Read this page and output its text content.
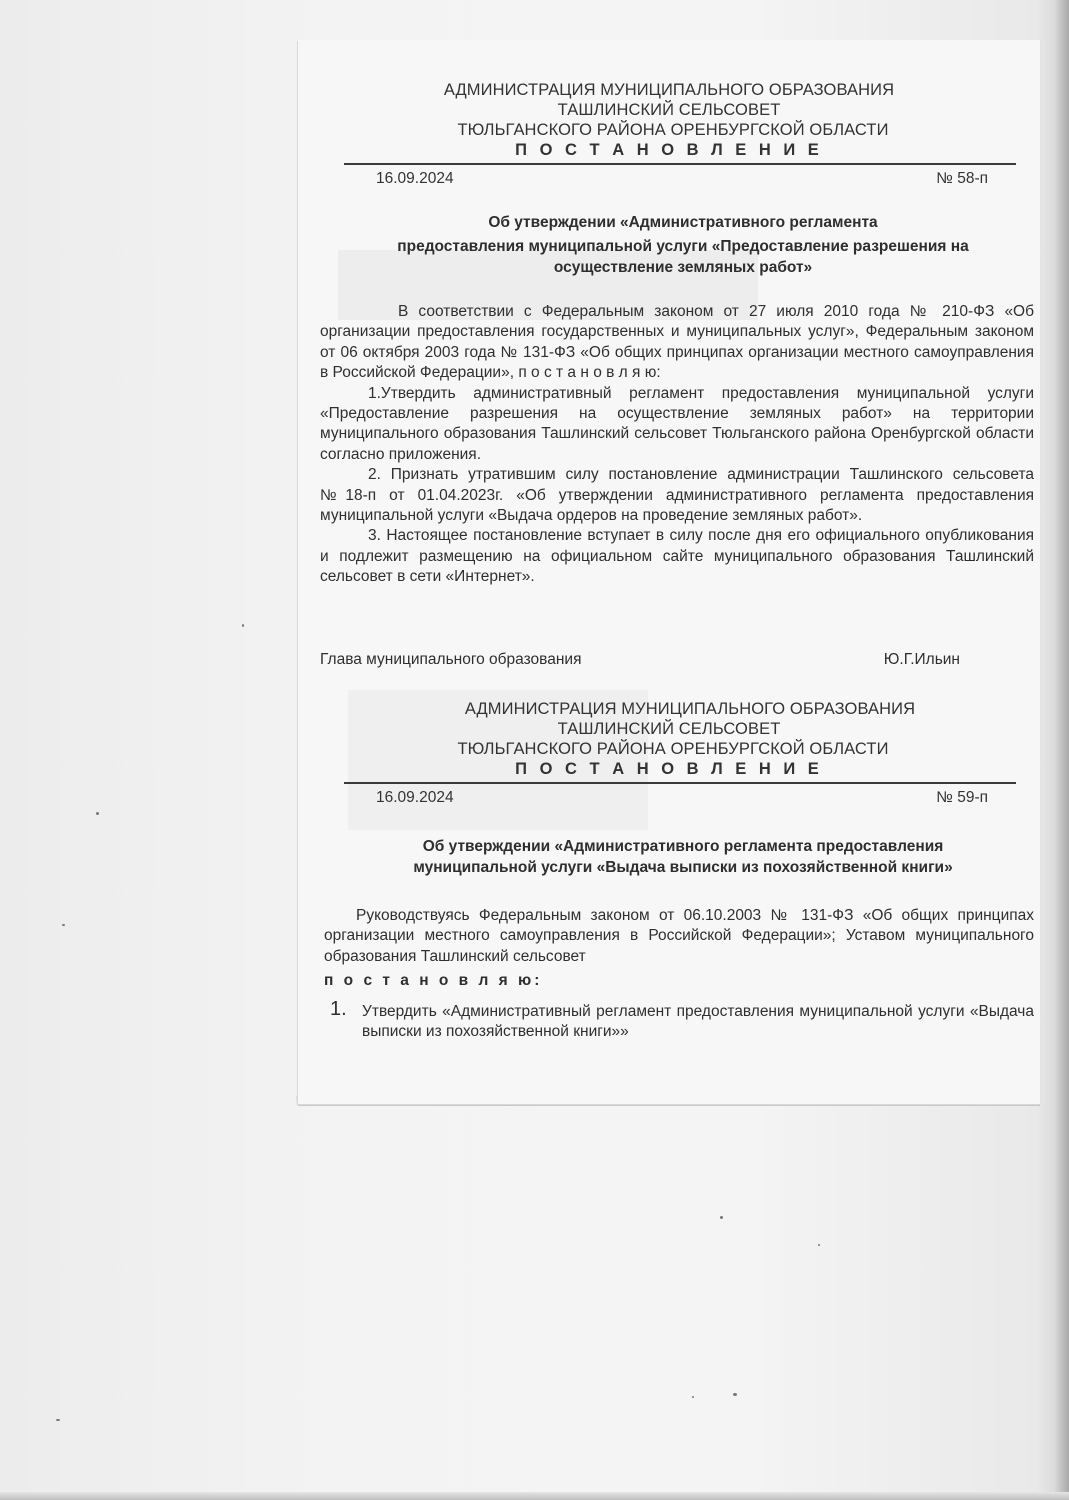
АДМИНИСТРАЦИЯ МУНИЦИПАЛЬНОГО ОБРАЗОВАНИЯ
ТАШЛИНСКИЙ СЕЛЬСОВЕТ
ТЮЛЬГАНСКОГО РАЙОНА ОРЕНБУРГСКОЙ ОБЛАСТИ
П О С Т А Н О В Л Е Н И Е
16.09.2024	№ 58-п
Об утверждении «Административного регламента
предоставления муниципальной услуги «Предоставление разрешения на
осуществление земляных работ»

В соответствии с Федеральным законом от 27 июля 2010 года № 210-ФЗ «Об организации предоставления государственных и муниципальных услуг», Федеральным законом от 06 октября 2003 года № 131-ФЗ «Об общих принципах организации местного самоуправления в Российской Федерации», п о с т а н о в л я ю:

1.Утвердить административный регламент предоставления муниципальной услуги «Предоставление разрешения на осуществление земляных работ» на территории муниципального образования Ташлинский сельсовет Тюльганского района Оренбургской области согласно приложения.

2. Признать утратившим силу постановление администрации Ташлинского сельсовета №18-п от 01.04.2023г. «Об утверждении административного регламента предоставления муниципальной услуги «Выдача ордеров на проведение земляных работ».

3. Настоящее постановление вступает в силу после дня его официального опубликования и подлежит размещению на официальном сайте муниципального образования Ташлинский сельсовет в сети «Интернет».

Глава муниципального образования	Ю.Г.Ильин
АДМИНИСТРАЦИЯ МУНИЦИПАЛЬНОГО ОБРАЗОВАНИЯ
ТАШЛИНСКИЙ СЕЛЬСОВЕТ
ТЮЛЬГАНСКОГО РАЙОНА ОРЕНБУРГСКОЙ ОБЛАСТИ
П О С Т А Н О В Л Е Н И Е
16.09.2024	№ 59-п
Об утверждении «Административного регламента предоставления
муниципальной услуги «Выдача выписки из похозяйственной книги»

Руководствуясь Федеральным законом от 06.10.2003 № 131-ФЗ «Об общих принципах организации местного самоуправления в Российской Федерации»; Уставом муниципального образования Ташлинский сельсовет

п о с т а н о в л я ю:

1. Утвердить «Административный регламент предоставления муниципальной услуги «Выдача выписки из похозяйственной книги»»
